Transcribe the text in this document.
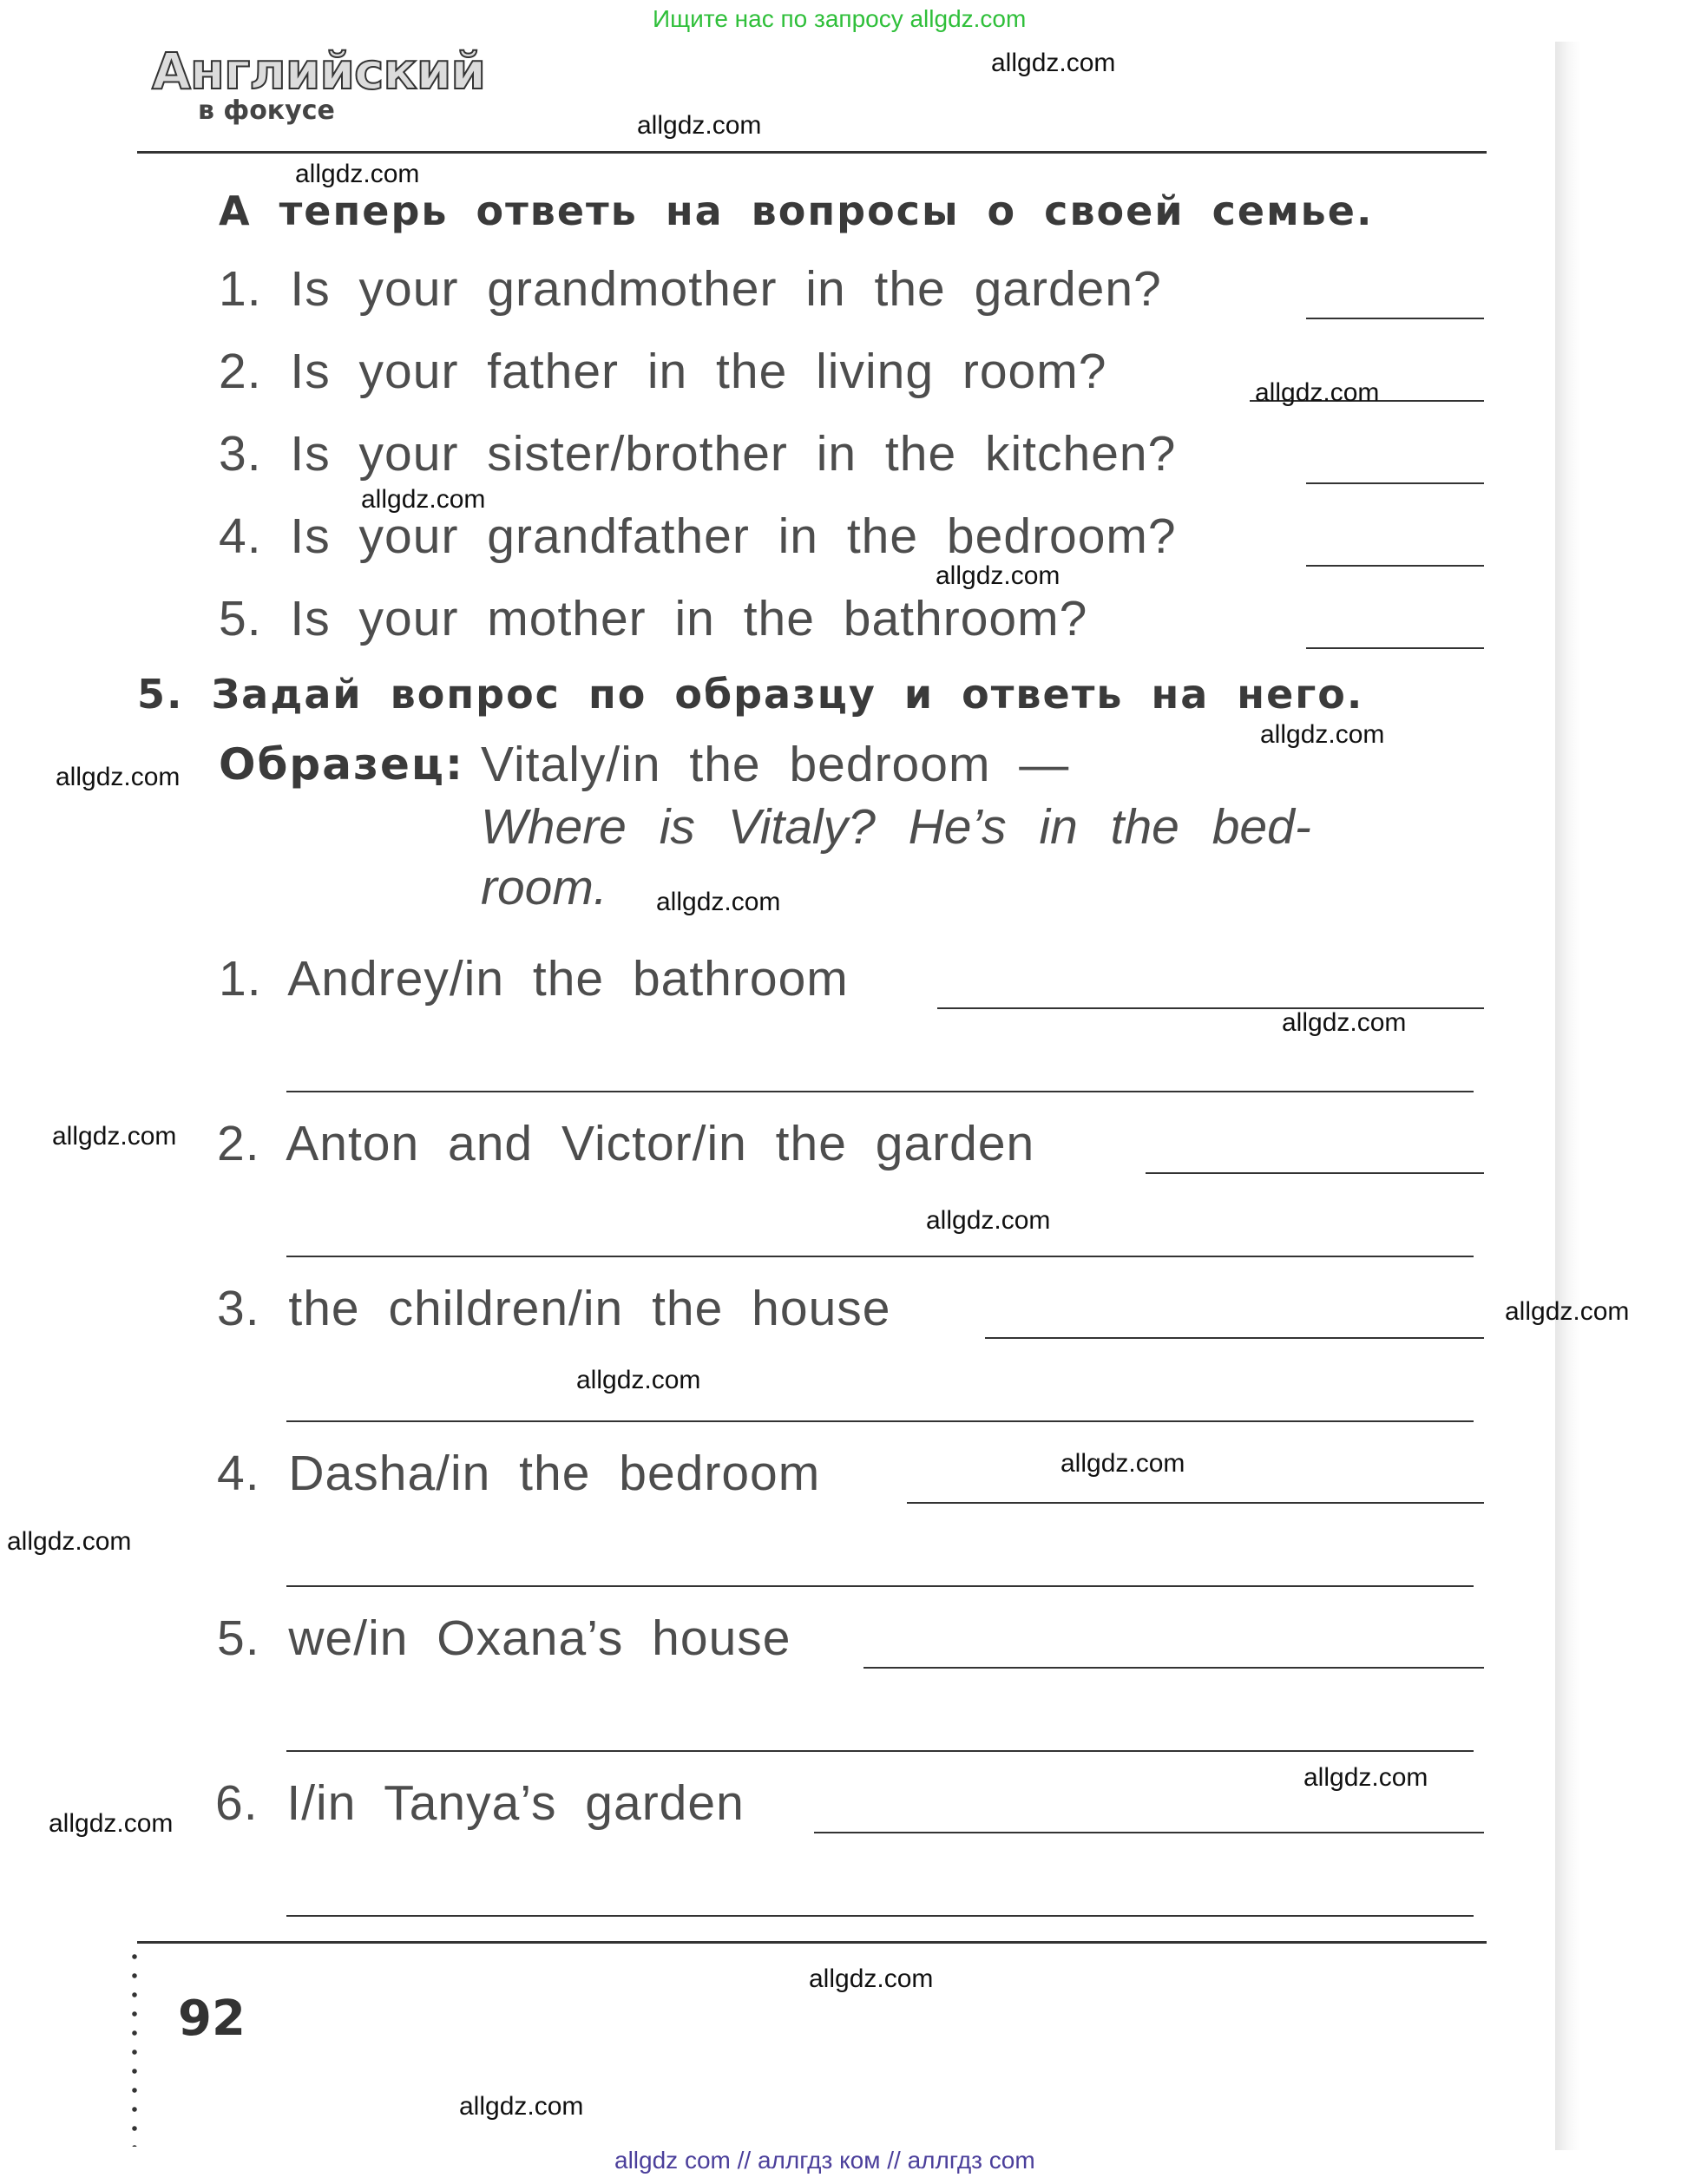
Ищите нас по запросу allgdz.com
Английский
в фокусе
А теперь ответь на вопросы о своей семье.
1. Is your grandmother in the garden?
2. Is your father in the living room?
3. Is your sister/brother in the kitchen?
4. Is your grandfather in the bedroom?
5. Is your mother in the bathroom?
5. Задай вопрос по образцу и ответь на него.
Образец: Vitaly/in the bedroom —
Where is Vitaly? He’s in the bed-
room.
1. Andrey/in the bathroom
2. Anton and Victor/in the garden
3. the children/in the house
4. Dasha/in the bedroom
5. we/in Oxana’s house
6. I/in Tanya’s garden
92
allgdz.com
allgdz.com
allgdz.com
allgdz.com
allgdz.com
allgdz.com
allgdz.com
allgdz.com
allgdz.com
allgdz.com
allgdz.com
allgdz.com
allgdz.com
allgdz.com
allgdz.com
allgdz.com
allgdz.com
allgdz.com
allgdz.com
allgdz.com
allgdz com // аллгдз ком // аллгдз com
